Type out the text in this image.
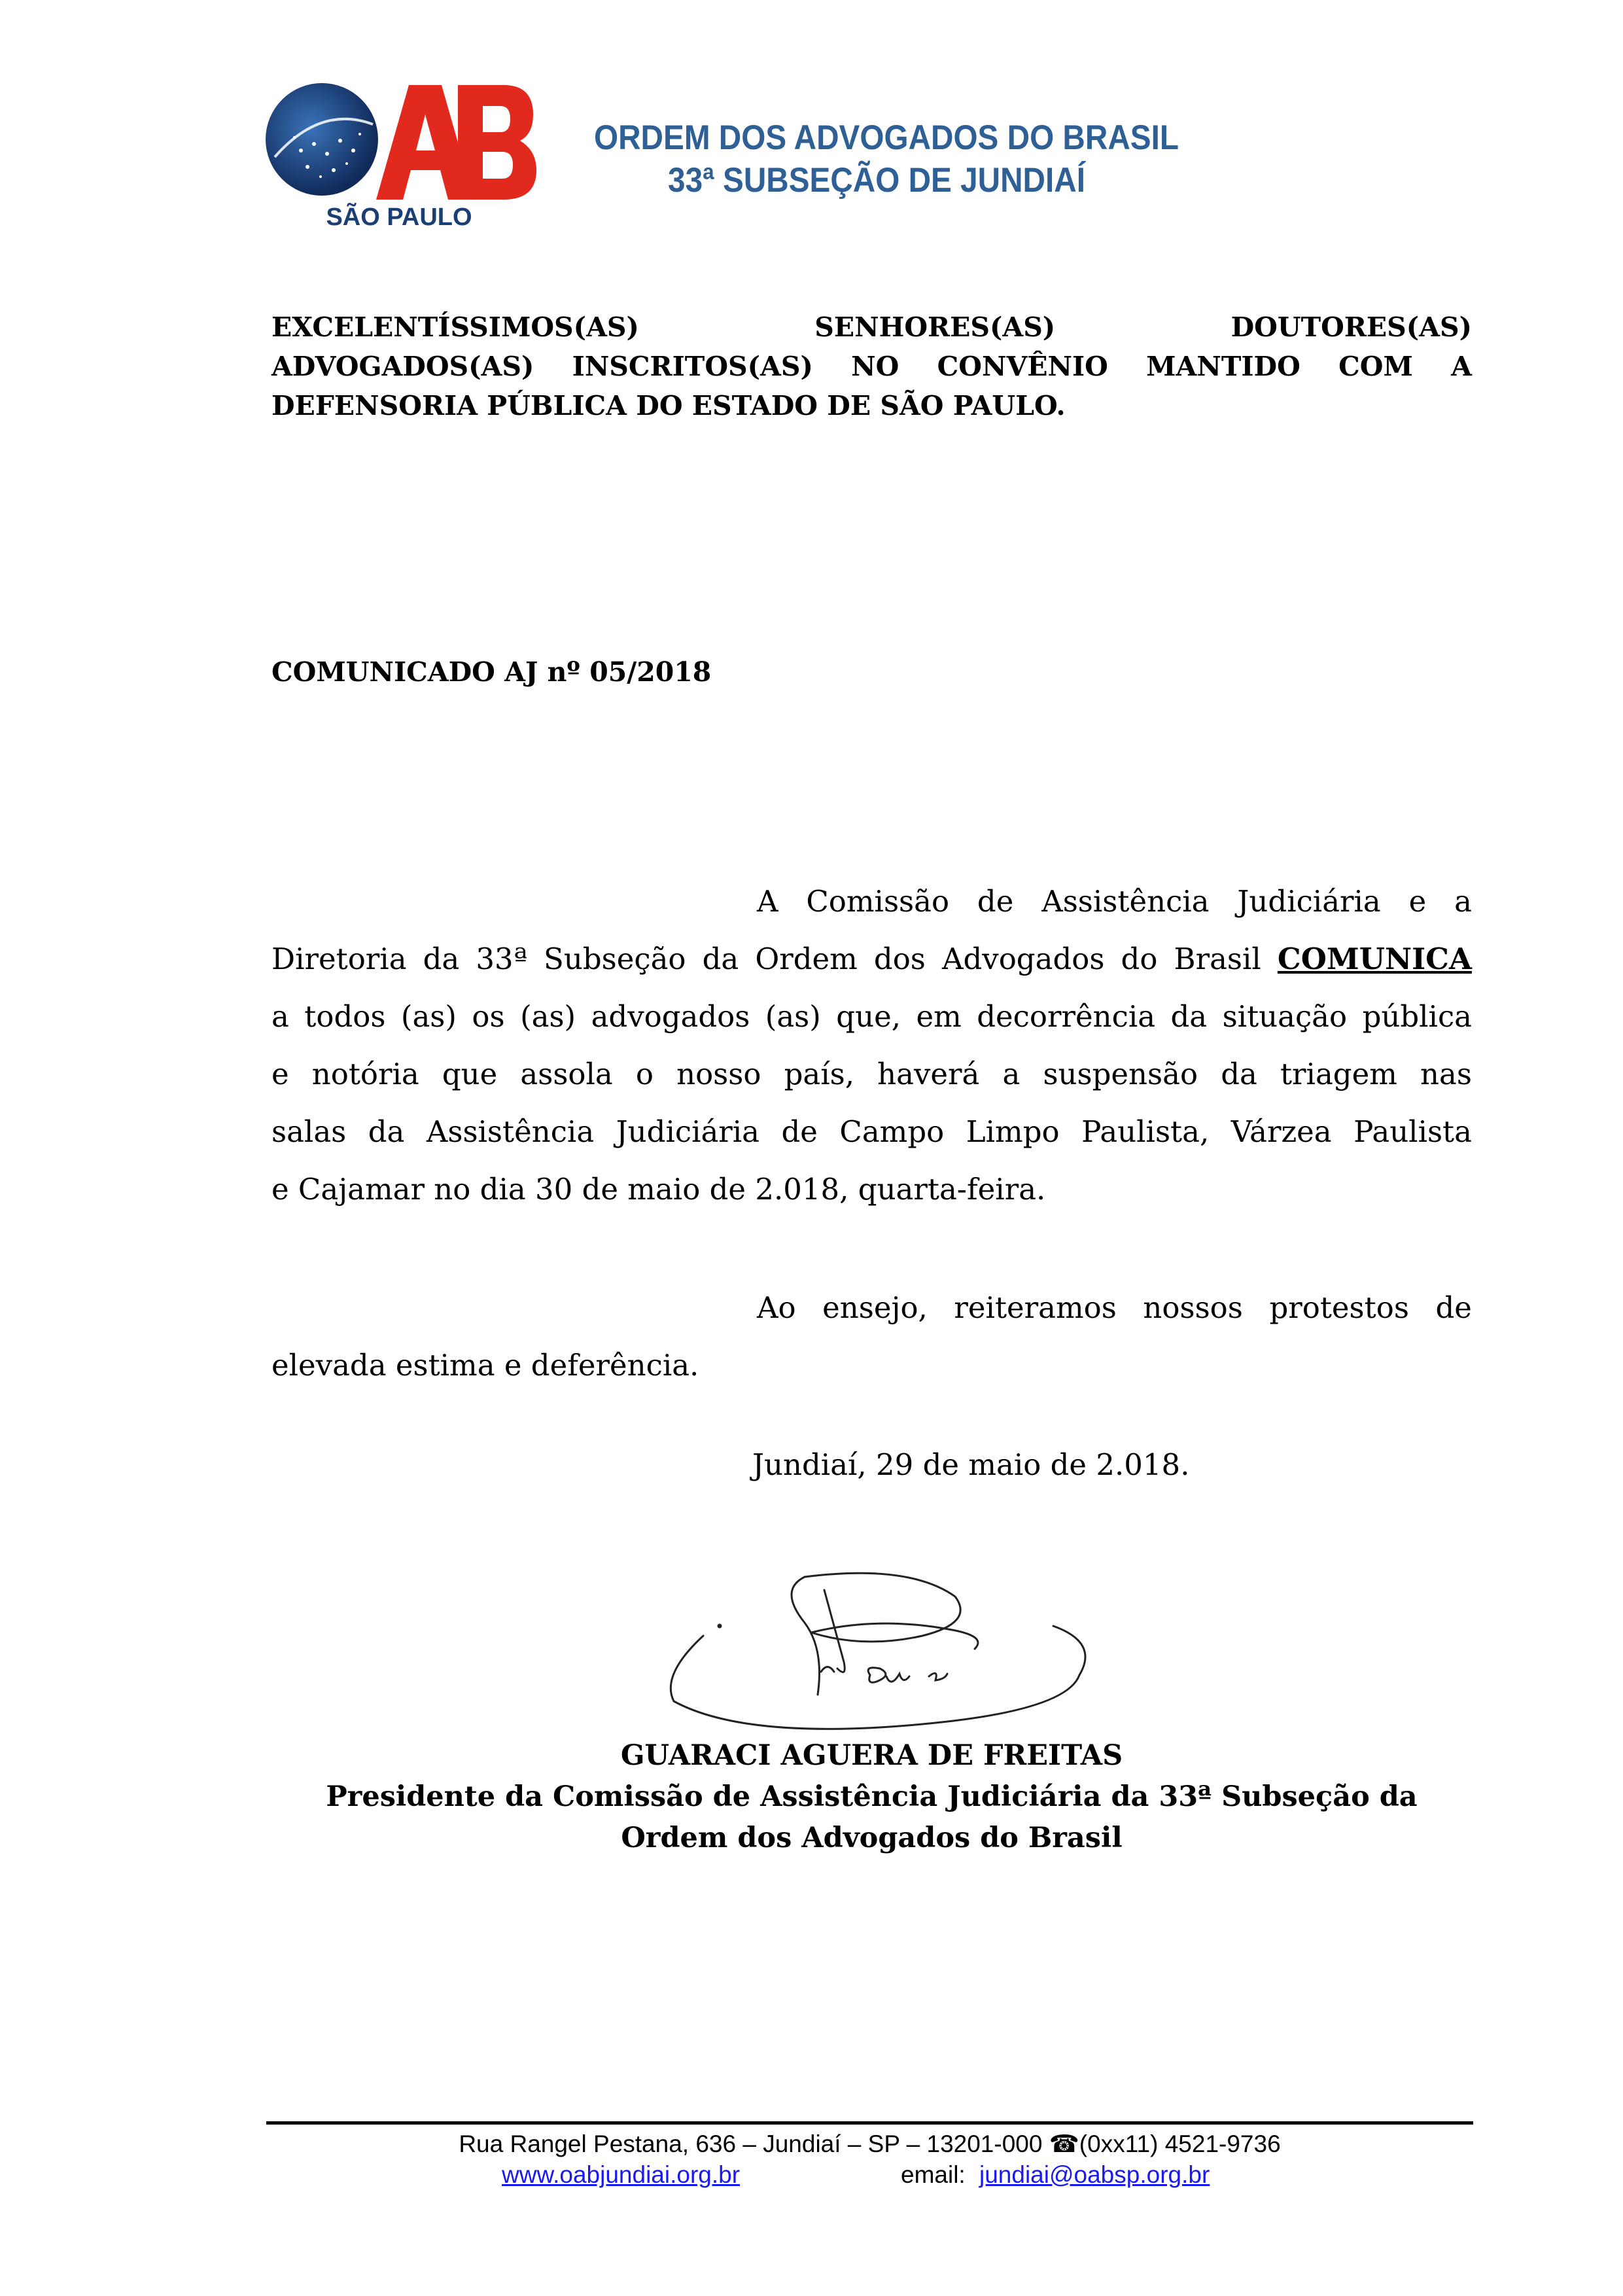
SÃO PAULO
ORDEM DOS ADVOGADOS DO BRASIL
33ª SUBSEÇÃO DE JUNDIAÍ
EXCELENTÍSSIMOS(AS)	SENHORES(AS)	DOUTORES(AS)
ADVOGADOS(AS) INSCRITOS(AS) NO CONVÊNIO MANTIDO COM A
DEFENSORIA PÚBLICA DO ESTADO DE SÃO PAULO.
COMUNICADO AJ nº 05/2018
A Comissão de Assistência Judiciária e a
Diretoria da 33ª Subseção da Ordem dos Advogados do Brasil COMUNICA
a todos (as) os (as) advogados (as) que, em decorrência da situação pública
e notória que assola o nosso país, haverá a suspensão da triagem nas
salas da Assistência Judiciária de Campo Limpo Paulista, Várzea Paulista
e Cajamar no dia 30 de maio de 2.018, quarta-feira.
Ao ensejo, reiteramos nossos protestos de
elevada estima e deferência.
Jundiaí, 29 de maio de 2.018.
GUARACI AGUERA DE FREITAS
Presidente da Comissão de Assistência Judiciária da 33ª Subseção da
Ordem dos Advogados do Brasil
Rua Rangel Pestana, 636 – Jundiaí – SP – 13201-000 ☎(0xx11) 4521-9736
www.oabjundiai.org.br	email: jundiai@oabsp.org.br
